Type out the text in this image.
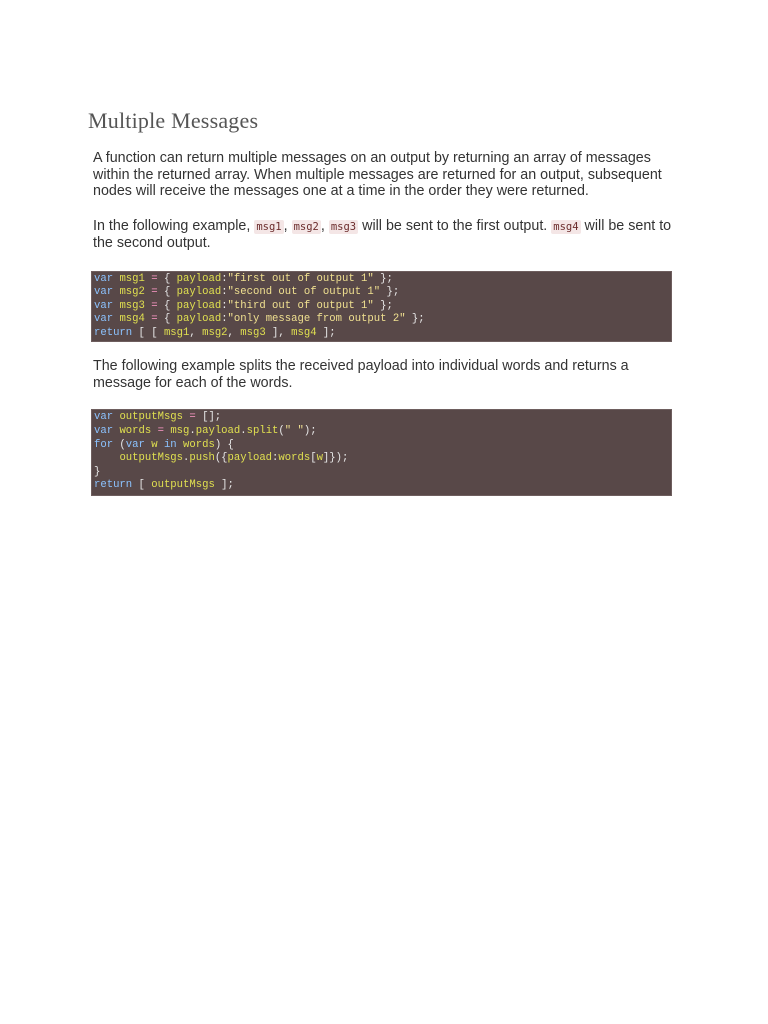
Multiple Messages

A function can return multiple messages on an output by returning an array of messages within the returned array. When multiple messages are returned for an output, subsequent nodes will receive the messages one at a time in the order they were returned.

In the following example, msg1 , msg2 , msg3 will be sent to the first output. msg4 will be sent to the second output.

var msg1 = { payload:"first out of output 1" };
var msg2 = { payload:"second out of output 1" };
var msg3 = { payload:"third out of output 1" };
var msg4 = { payload:"only message from output 2" };
return [ [ msg1, msg2, msg3 ], msg4 ];

The following example splits the received payload into individual words and returns a message for each of the words.

var outputMsgs = [];
var words = msg.payload.split(" ");
for (var w in words) {
outputMsgs.push({payload:words[w]});
}
return [ outputMsgs ];
